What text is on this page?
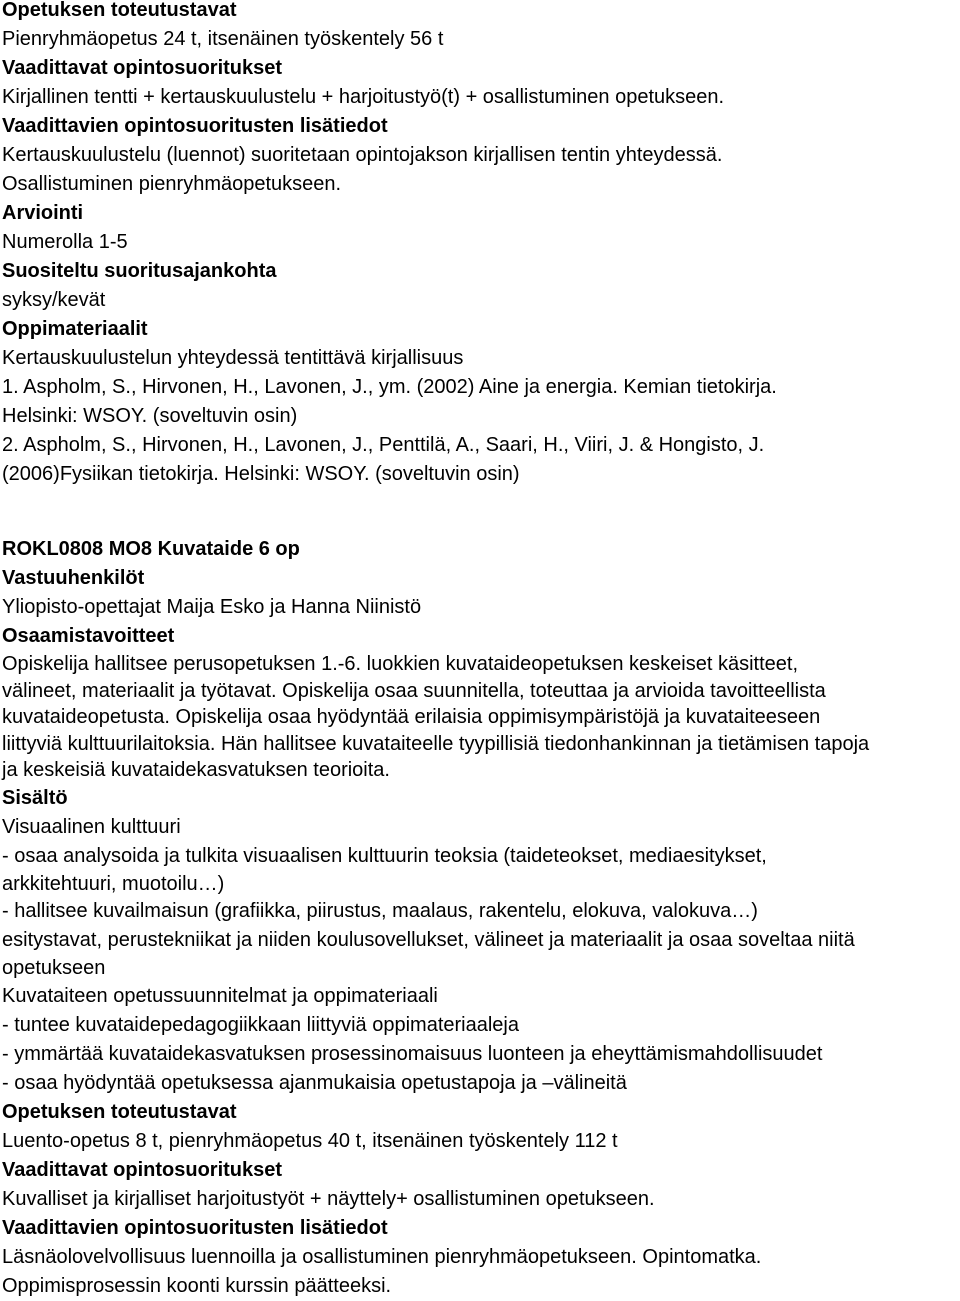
Opetuksen toteutustavat
Pienryhmäopetus 24 t, itsenäinen työskentely 56 t
Vaadittavat opintosuoritukset
Kirjallinen tentti + kertauskuulustelu + harjoitustyö(t) + osallistuminen opetukseen.
Vaadittavien opintosuoritusten lisätiedot
Kertauskuulustelu (luennot) suoritetaan opintojakson kirjallisen tentin yhteydessä.
Osallistuminen pienryhmäopetukseen.
Arviointi
Numerolla 1-5
Suositeltu suoritusajankohta
syksy/kevät
Oppimateriaalit
Kertauskuulustelun yhteydessä tentittävä kirjallisuus
1. Aspholm, S., Hirvonen, H., Lavonen, J., ym. (2002) Aine ja energia. Kemian tietokirja.
Helsinki: WSOY. (soveltuvin osin)
2. Aspholm, S., Hirvonen, H., Lavonen, J., Penttilä, A., Saari, H., Viiri, J. & Hongisto, J.
(2006)Fysiikan tietokirja. Helsinki: WSOY. (soveltuvin osin)
ROKL0808 MO8 Kuvataide 6 op
Vastuuhenkilöt
Yliopisto-opettajat Maija Esko ja Hanna Niinistö
Osaamistavoitteet
Opiskelija hallitsee perusopetuksen 1.-6. luokkien kuvataideopetuksen keskeiset käsitteet,
välineet, materiaalit ja työtavat. Opiskelija osaa suunnitella, toteuttaa ja arvioida tavoitteellista
kuvataideopetusta. Opiskelija osaa hyödyntää erilaisia oppimisympäristöjä ja kuvataiteeseen
liittyviä kulttuurilaitoksia. Hän hallitsee kuvataiteelle tyypillisiä tiedonhankinnan ja tietämisen tapoja
ja keskeisiä kuvataidekasvatuksen teorioita.
Sisältö
Visuaalinen kulttuuri
- osaa analysoida ja tulkita visuaalisen kulttuurin teoksia (taideteokset, mediaesitykset,
arkkitehtuuri, muotoilu…)
- hallitsee kuvailmaisun (grafiikka, piirustus, maalaus, rakentelu, elokuva, valokuva…)
esitystavat, perustekniikat ja niiden koulusovellukset, välineet ja materiaalit ja osaa soveltaa niitä
opetukseen
Kuvataiteen opetussuunnitelmat ja oppimateriaali
- tuntee kuvataidepedagogiikkaan liittyviä oppimateriaaleja
- ymmärtää kuvataidekasvatuksen prosessinomaisuus luonteen ja eheyttämismahdollisuudet
- osaa hyödyntää opetuksessa ajanmukaisia opetustapoja ja –välineitä
Opetuksen toteutustavat
Luento-opetus 8 t, pienryhmäopetus 40 t, itsenäinen työskentely 112 t
Vaadittavat opintosuoritukset
Kuvalliset ja kirjalliset harjoitustyöt + näyttely+ osallistuminen opetukseen.
Vaadittavien opintosuoritusten lisätiedot
Läsnäolovelvollisuus luennoilla ja osallistuminen pienryhmäopetukseen. Opintomatka.
Oppimisprosessin koonti kurssin päätteeksi.
